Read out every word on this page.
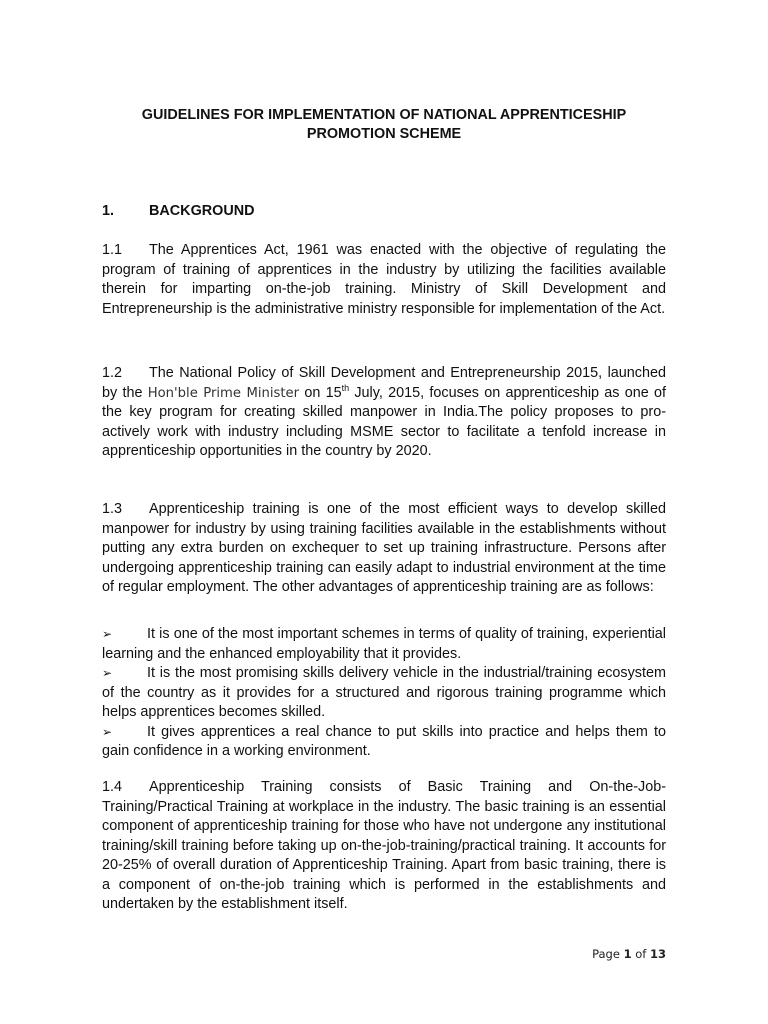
GUIDELINES FOR IMPLEMENTATION OF NATIONAL APPRENTICESHIP
PROMOTION SCHEME
1. BACKGROUND
1.1 The Apprentices Act, 1961 was enacted with the objective of regulating the program of training of apprentices in the industry by utilizing the facilities available therein for imparting on-the-job training. Ministry of Skill Development and Entrepreneurship is the administrative ministry responsible for implementation of the Act.
1.2 The National Policy of Skill Development and Entrepreneurship 2015, launched by the Hon'ble Prime Minister on 15th July, 2015, focuses on apprenticeship as one of the key program for creating skilled manpower in India.The policy proposes to pro-actively work with industry including MSME sector to facilitate a tenfold increase in apprenticeship opportunities in the country by 2020.
1.3 Apprenticeship training is one of the most efficient ways to develop skilled manpower for industry by using training facilities available in the establishments without putting any extra burden on exchequer to set up training infrastructure. Persons after undergoing apprenticeship training can easily adapt to industrial environment at the time of regular employment. The other advantages of apprenticeship training are as follows:
➢ It is one of the most important schemes in terms of quality of training, experiential learning and the enhanced employability that it provides.
➢ It is the most promising skills delivery vehicle in the industrial/training ecosystem of the country as it provides for a structured and rigorous training programme which helps apprentices becomes skilled.
➢ It gives apprentices a real chance to put skills into practice and helps them to gain confidence in a working environment.
1.4 Apprenticeship Training consists of Basic Training and On-the-Job-Training/Practical Training at workplace in the industry. The basic training is an essential component of apprenticeship training for those who have not undergone any institutional training/skill training before taking up on-the-job-training/practical training. It accounts for 20-25% of overall duration of Apprenticeship Training. Apart from basic training, there is a component of on-the-job training which is performed in the establishments and undertaken by the establishment itself.
Page 1 of 13
